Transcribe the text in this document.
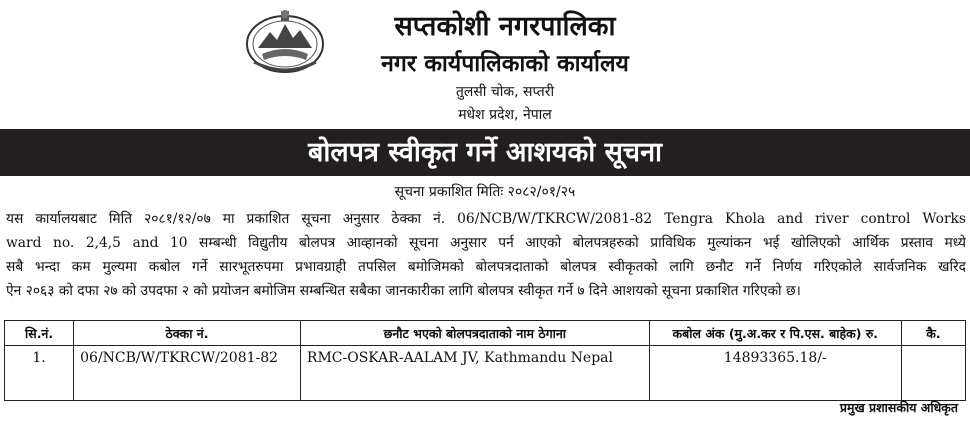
सप्तकोशी नगरपालिका
नगर कार्यपालिकाको कार्यालय
तुलसी चोक, सप्तरी
मधेश प्रदेश, नेपाल
बोलपत्र स्वीकृत गर्ने आशयको सूचना
सूचना प्रकाशित मितिः २०८२/०१/२५
यस कार्यालयबाट मिति २०८१/१२/०७ मा प्रकाशित सूचना अनुसार ठेक्का नं. 06/NCB/W/TKRCW/2081-82 Tengra Khola and river control Works
ward no. 2,4,5 and 10 सम्बन्धी विद्युतीय बोलपत्र आव्हानको सूचना अनुसार पर्न आएको बोलपत्रहरुको प्राविधिक मुल्यांकन भई खोलिएको आर्थिक प्रस्ताव मध्ये
सबै भन्दा कम मुल्यमा कबोल गर्ने सारभूतरुपमा प्रभावग्राही तपसिल बमोजिमको बोलपत्रदाताको बोलपत्र स्वीकृतको लागि छनौट गर्ने निर्णय गरिएकोले सार्वजनिक खरिद
ऐन २०६३ को दफा २७ को उपदफा २ को प्रयोजन बमोजिम सम्बन्धित सबैका जानकारीका लागि बोलपत्र स्वीकृत गर्ने ७ दिने आशयको सूचना प्रकाशित गरिएको छ।
सि.नं.	ठेक्का नं.	छनौट भएको बोलपत्रदाताको नाम ठेगाना	कबोल अंक (मु.अ.कर र पि.एस. बाहेक) रु.	कै.
1.	06/NCB/W/TKRCW/2081-82	RMC-OSKAR-AALAM JV, Kathmandu Nepal	14893365.18/-	
प्रमुख प्रशासकीय अधिकृत
